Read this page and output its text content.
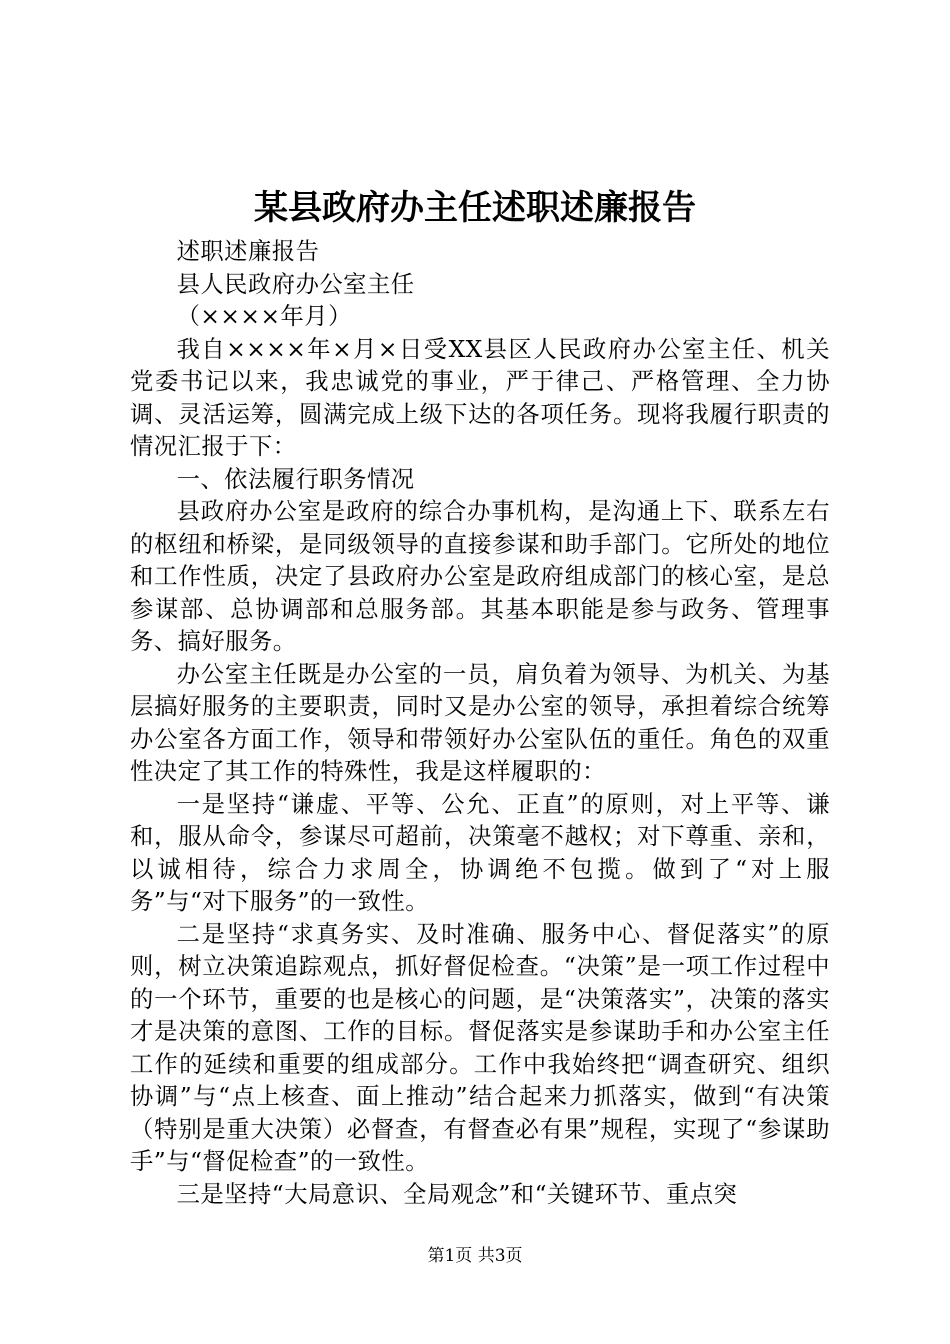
某县政府办主任述职述廉报告

述职述廉报告

县人民政府办公室主任

（××××年月）

我自××××年×月×日受XX县区人民政府办公室主任、机关党委书记以来，我忠诚党的事业，严于律己、严格管理、全力协调、灵活运筹，圆满完成上级下达的各项任务。现将我履行职责的情况汇报于下：

一、依法履行职务情况

县政府办公室是政府的综合办事机构，是沟通上下、联系左右的枢纽和桥梁，是同级领导的直接参谋和助手部门。它所处的地位和工作性质，决定了县政府办公室是政府组成部门的核心室，是总参谋部、总协调部和总服务部。其基本职能是参与政务、管理事务、搞好服务。

办公室主任既是办公室的一员，肩负着为领导、为机关、为基层搞好服务的主要职责，同时又是办公室的领导，承担着综合统筹办公室各方面工作，领导和带领好办公室队伍的重任。角色的双重性决定了其工作的特殊性，我是这样履职的：

一是坚持“谦虚、平等、公允、正直”的原则，对上平等、谦和，服从命令，参谋尽可超前，决策毫不越权；对下尊重、亲和，以诚相待，综合力求周全，协调绝不包揽。做到了“对上服务”与“对下服务”的一致性。

二是坚持“求真务实、及时准确、服务中心、督促落实”的原则，树立决策追踪观点，抓好督促检查。“决策”是一项工作过程中的一个环节，重要的也是核心的问题，是“决策落实”，决策的落实才是决策的意图、工作的目标。督促落实是参谋助手和办公室主任工作的延续和重要的组成部分。工作中我始终把“调查研究、组织协调”与“点上核查、面上推动”结合起来力抓落实，做到“有决策（特别是重大决策）必督查，有督查必有果”规程，实现了“参谋助手”与“督促检查”的一致性。

三是坚持“大局意识、全局观念”和“关键环节、重点突

第1页 共3页
